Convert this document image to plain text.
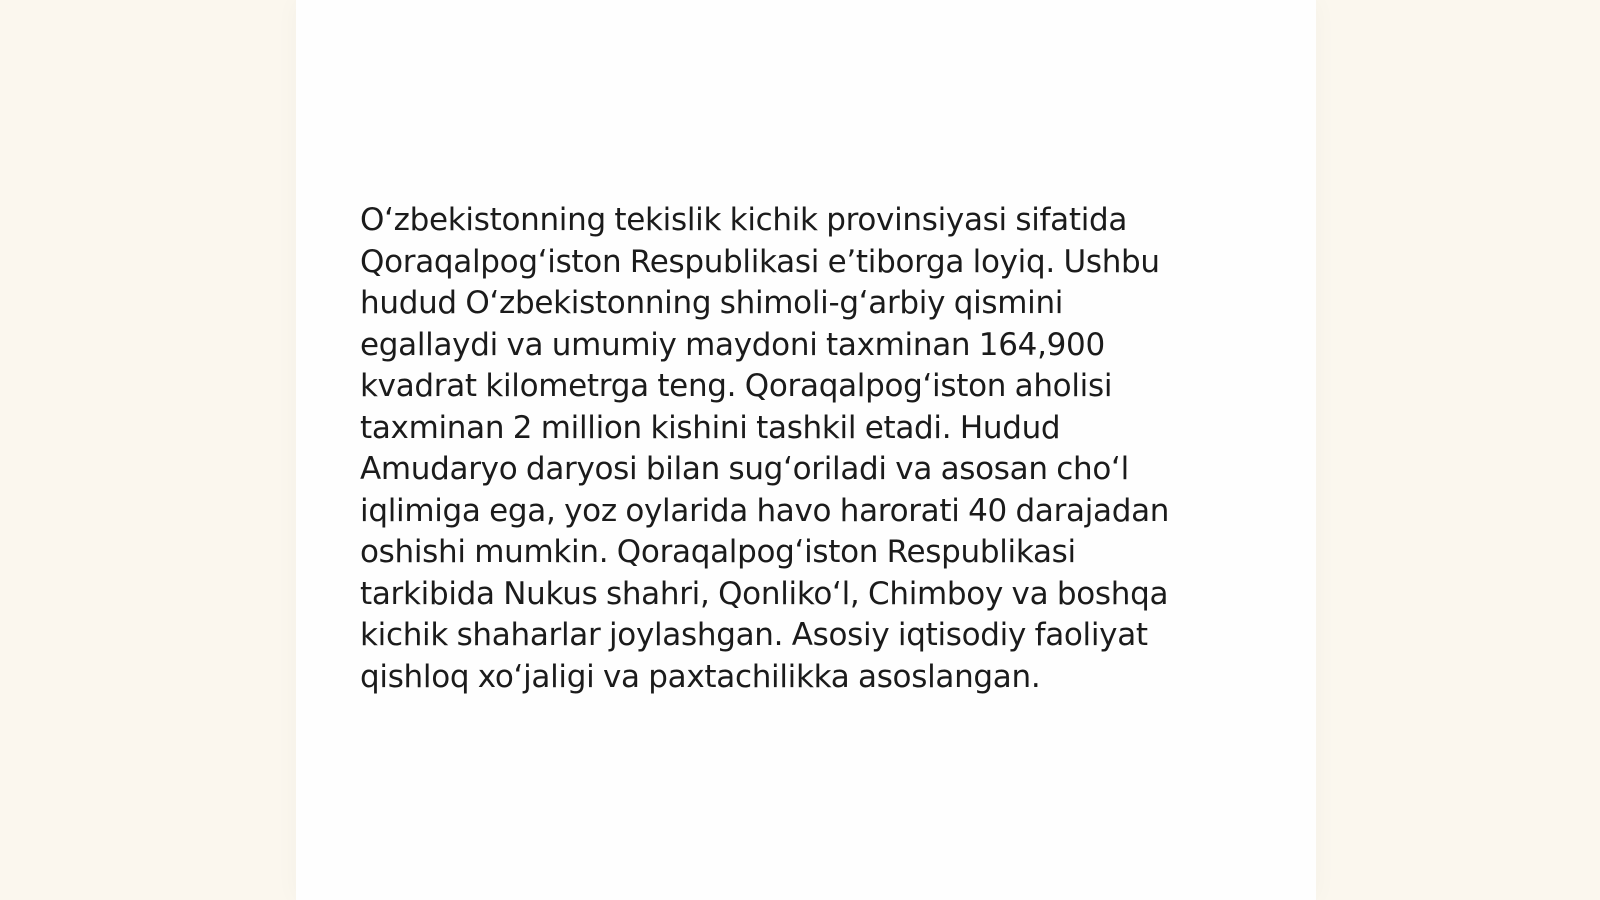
O‘zbekistonning tekislik kichik provinsiyasi sifatida
Qoraqalpog‘iston Respublikasi e’tiborga loyiq. Ushbu
hudud O‘zbekistonning shimoli-g‘arbiy qismini
egallaydi va umumiy maydoni taxminan 164,900
kvadrat kilometrga teng. Qoraqalpog‘iston aholisi
taxminan 2 million kishini tashkil etadi. Hudud
Amudaryo daryosi bilan sug‘oriladi va asosan cho‘l
iqlimiga ega, yoz oylarida havo harorati 40 darajadan
oshishi mumkin. Qoraqalpog‘iston Respublikasi
tarkibida Nukus shahri, Qonliko‘l, Chimboy va boshqa
kichik shaharlar joylashgan. Asosiy iqtisodiy faoliyat
qishloq xo‘jaligi va paxtachilikka asoslangan.
